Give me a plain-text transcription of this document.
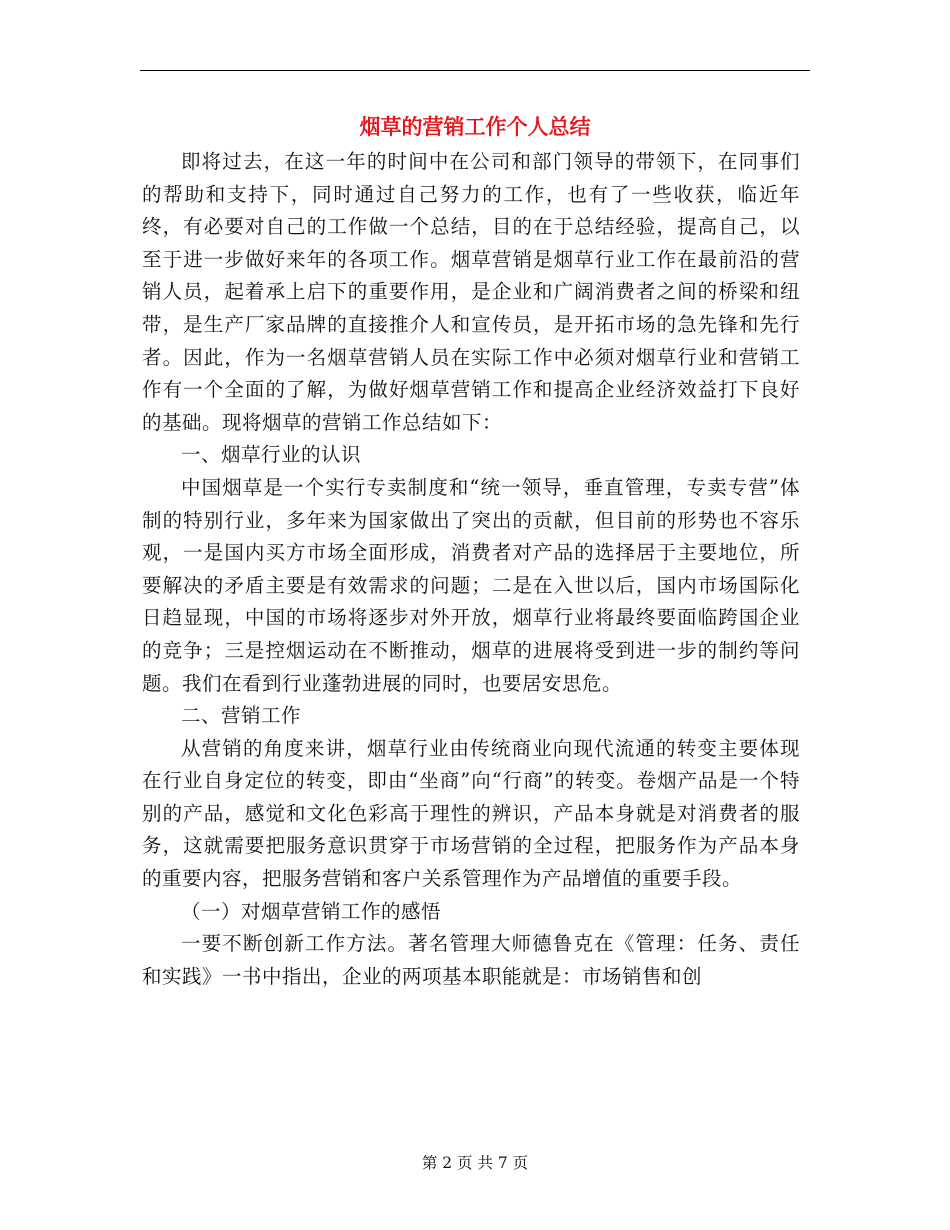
烟草的营销工作个人总结

即将过去，在这一年的时间中在公司和部门领导的带领下，在同事们的帮助和支持下，同时通过自己努力的工作，也有了一些收获，临近年终，有必要对自己的工作做一个总结，目的在于总结经验，提高自己，以至于进一步做好来年的各项工作。烟草营销是烟草行业工作在最前沿的营销人员，起着承上启下的重要作用，是企业和广阔消费者之间的桥梁和纽带，是生产厂家品牌的直接推介人和宣传员，是开拓市场的急先锋和先行者。因此，作为一名烟草营销人员在实际工作中必须对烟草行业和营销工作有一个全面的了解，为做好烟草营销工作和提高企业经济效益打下良好的基础。现将烟草的营销工作总结如下：

一、烟草行业的认识

中国烟草是一个实行专卖制度和“统一领导，垂直管理，专卖专营”体制的特别行业，多年来为国家做出了突出的贡献，但目前的形势也不容乐观，一是国内买方市场全面形成，消费者对产品的选择居于主要地位，所要解决的矛盾主要是有效需求的问题；二是在入世以后，国内市场国际化日趋显现，中国的市场将逐步对外开放，烟草行业将最终要面临跨国企业的竞争；三是控烟运动在不断推动，烟草的进展将受到进一步的制约等问题。我们在看到行业蓬勃进展的同时，也要居安思危。

二、营销工作

从营销的角度来讲，烟草行业由传统商业向现代流通的转变主要体现在行业自身定位的转变，即由“坐商”向“行商”的转变。卷烟产品是一个特别的产品，感觉和文化色彩高于理性的辨识，产品本身就是对消费者的服务，这就需要把服务意识贯穿于市场营销的全过程，把服务作为产品本身的重要内容，把服务营销和客户关系管理作为产品增值的重要手段。

（一）对烟草营销工作的感悟

一要不断创新工作方法。著名管理大师德鲁克在《管理：任务、责任和实践》一书中指出，企业的两项基本职能就是：市场销售和创

第 2 页 共 7 页
